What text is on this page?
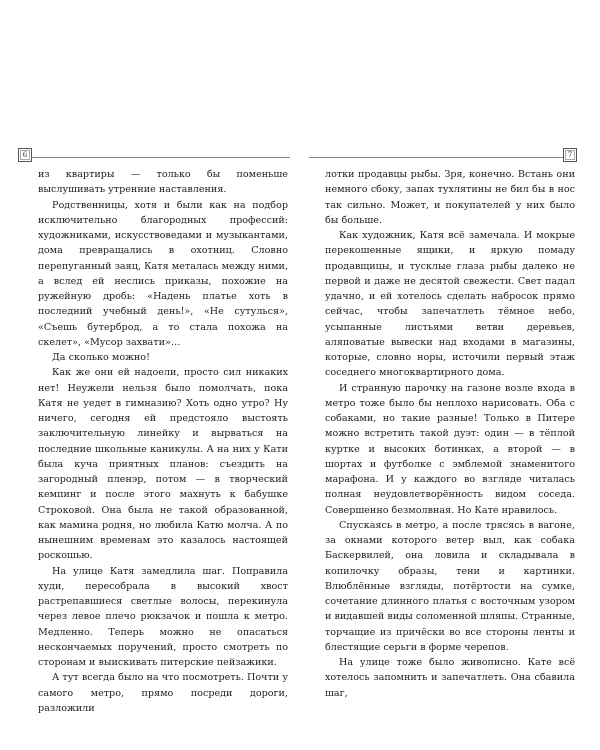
6	7

из квартиры — только бы поменьше выслушивать утренние наставления.

Родственницы, хотя и были как на подбор исключительно благородных профессий: художниками, искусствоведами и музыкантами, дома превращались в охотниц. Словно перепуганный заяц, Катя металась между ними, а вслед ей неслись приказы, похожие на ружейную дробь: «Надень платье хоть в последний учебный день!», «Не сутулься», «Съешь бутерброд, а то стала похожа на скелет», «Мусор захвати»…

Да сколько можно!

Как же они ей надоели, просто сил никаких нет! Неужели нельзя было помолчать, пока Катя не уедет в гимназию? Хоть одно утро? Ну ничего, сегодня ей предстояло выстоять заключительную линейку и вырваться на последние школьные каникулы. А на них у Кати была куча приятных планов: съездить на загородный пленэр, потом — в творческий кемпинг и после этого махнуть к бабушке Строковой. Она была не такой образованной, как мамина родня, но любила Катю молча. А по нынешним временам это казалось настоящей роскошью.

На улице Катя замедлила шаг. Поправила худи, пересобрала в высокий хвост растрепавшиеся светлые волосы, перекинула через левое плечо рюкзачок и пошла к метро. Медленно. Теперь можно не опасаться нескончаемых поручений, просто смотреть по сторонам и выискивать питерские пейзажики.

А тут всегда было на что посмотреть. Почти у самого метро, прямо посреди дороги, разложили

лотки продавцы рыбы. Зря, конечно. Встань они немного сбоку, запах тухлятины не бил бы в нос так сильно. Может, и покупателей у них было бы больше.

Как художник, Катя всё замечала. И мокрые перекошенные ящики, и яркую помаду продавщицы, и тусклые глаза рыбы далеко не первой и даже не десятой свежести. Свет падал удачно, и ей хотелось сделать набросок прямо сейчас, чтобы запечатлеть тёмное небо, усыпанные листьями ветви деревьев, аляповатые вывески над входами в магазины, которые, словно норы, источили первый этаж соседнего многоквартирного дома.

И странную парочку на газоне возле входа в метро тоже было бы неплохо нарисовать. Оба с собаками, но такие разные! Только в Питере можно встретить такой дуэт: один — в тёплой куртке и высоких ботинках, а второй — в шортах и футболке с эмблемой знаменитого марафона. И у каждого во взгляде читалась полная неудовлетворённость видом соседа. Совершенно безмолвная. Но Кате нравилось.

Спускаясь в метро, а после трясясь в вагоне, за окнами которого ветер выл, как собака Баскервилей, она ловила и складывала в копилочку образы, тени и картинки. Влюблённые взгляды, потёртости на сумке, сочетание длинного платья с восточным узором и видавшей виды соломенной шляпы. Странные, торчащие из причёски во все стороны ленты и блестящие серьги в форме черепов.

На улице тоже было живописно. Кате всё хотелось запомнить и запечатлеть. Она сбавила шаг,
